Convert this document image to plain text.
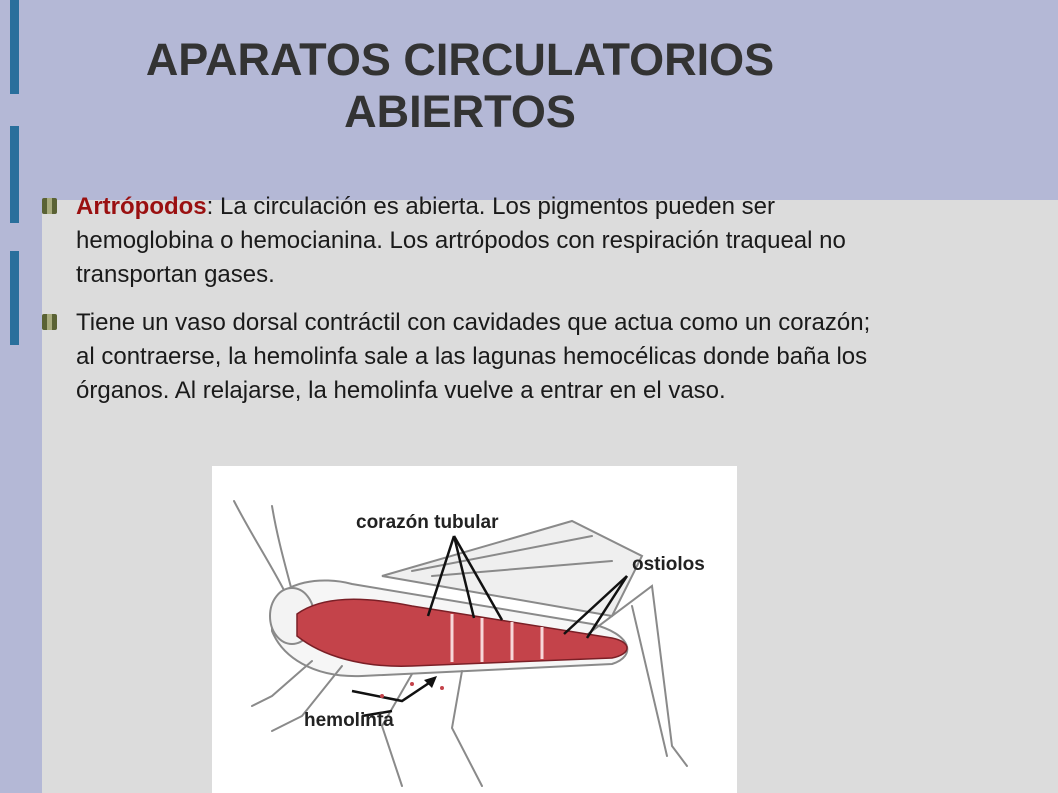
APARATOS CIRCULATORIOS ABIERTOS
Artrópodos: La circulación es abierta. Los pigmentos pueden ser hemoglobina o hemocianina. Los artrópodos con respiración traqueal no transportan gases.
Tiene un vaso dorsal contráctil con cavidades que actua como un corazón; al contraerse, la hemolinfa sale a las lagunas hemocélicas donde baña los órganos. Al relajarse, la hemolinfa vuelve a entrar en el vaso.
corazón tubular
ostiolos
hemolinfa
